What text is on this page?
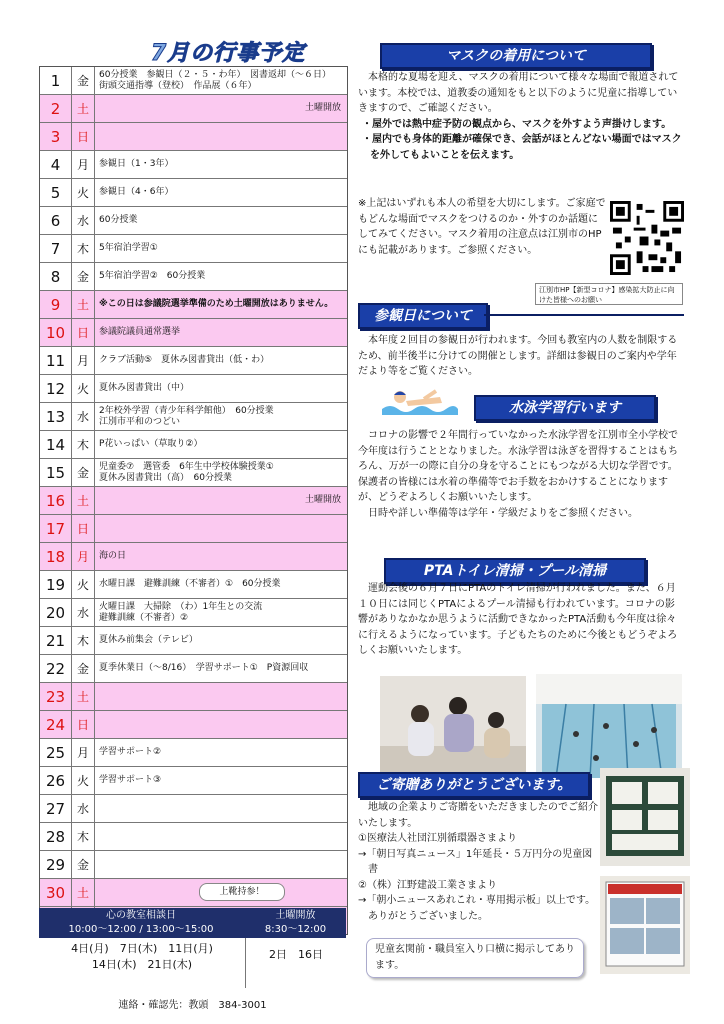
7月の行事予定
1	金	60分授業　参観日（２・５・わ年）　図書返却（～６日）
街頭交通指導（登校）　作品展（６年）
2	土	土曜開放
3	日
4	月	参観日（1・3年）
5	火	参観日（4・6年）
6	水	60分授業
7	木	5年宿泊学習①
8	金	5年宿泊学習②　60分授業
9	土	※この日は参議院選挙準備のため土曜開放はありません。
10 日	参議院議員通常選挙
11 月	クラブ活動⑤　夏休み図書貸出（低・わ）
12 火	夏休み図書貸出（中）
13 水	2年校外学習（青少年科学館他）　60分授業
江別市平和のつどい
14 木	P花いっぱい（草取り②）
15 金	児童委⑦　選管委　6年生中学校体験授業①
夏休み図書貸出（高）　60分授業
16 土	土曜開放
17 日
18 月	海の日
19 火	水曜日課　避難訓練（不審者）①　60分授業
20 水	火曜日課　大掃除　（わ）1年生との交流
避難訓練（不審者）②
21 木	夏休み前集会（テレビ）
22 金	夏季休業日（～8/16）　学習サポート①　P資源回収
23 土
24 日
25 月	学習サポート②
26 火	学習サポート③
27 水
28 木
29 金
30 土
心の教室相談日
10:00～12:00 / 13:00～15:00
土曜開放
8:30～12:00
4日(月)　7日(木)　11日(月)
14日(木)　21日(木)
2日　16日
連絡・確認先：教頭　384-3001
上靴持参！
マスクの着用について

　本格的な夏場を迎え、マスクの着用について様々な場面で報道されています。本校では、道教委の通知をもと以下のように児童に指導していきますので、ご確認ください。

・屋外では熱中症予防の観点から、マスクを外すよう声掛けします。

・屋内でも身体的距離が確保でき、会話がほとんどない場面ではマスクを外してもよいことを伝えます。

※上記はいずれも本人の希望を大切にします。ご家庭でもどんな場面でマスクをつけるのか・外すのか話題にしてみてください。マスク着用の注意点は江別市のHPにも記載があります。ご参照ください。
江別市HP【新型コロナ】感染拡大防止に向けた皆様へのお願い
参観日について
　本年度２回目の参観日が行われます。今回も教室内の人数を制限するため、前半後半に分けての開催とします。詳細は参観日のご案内や学年だより等をご覧ください。
水泳学習行います

　コロナの影響で２年間行っていなかった水泳学習を江別市全小学校で今年度は行うこととなりました。水泳学習は泳ぎを習得することはもちろん、万が一の際に自分の身を守ることにもつながる大切な学習です。保護者の皆様には水着の準備等でお手数をおかけすることになりますが、どうぞよろしくお願いいたします。

　日時や詳しい準備等は学年・学級だよりをご参照ください。

PTAトイレ清掃・プール清掃
　運動会後の６月７日にPTAのトイレ清掃が行われました。また、６月１０日には同じくPTAによるプール清掃も行われています。コロナの影響がありなかなか思うように活動できなかったPTA活動も今年度は徐々に行えるようになっています。子どもたちのために今後ともどうぞよろしくお願いいたします。
ご寄贈ありがとうございます。

　地域の企業よりご寄贈をいただきましたのでご紹介いたします。

①医療法人社団江別循環器さまより

→「朝日写真ニュース」1年延長・５万円分の児童図書

②（株）江野建設工業さまより

→「朝小ニュースあれこれ・専用掲示板」以上です。ありがとうございました。

児童玄関前・職員室入り口横に掲示してあります。
